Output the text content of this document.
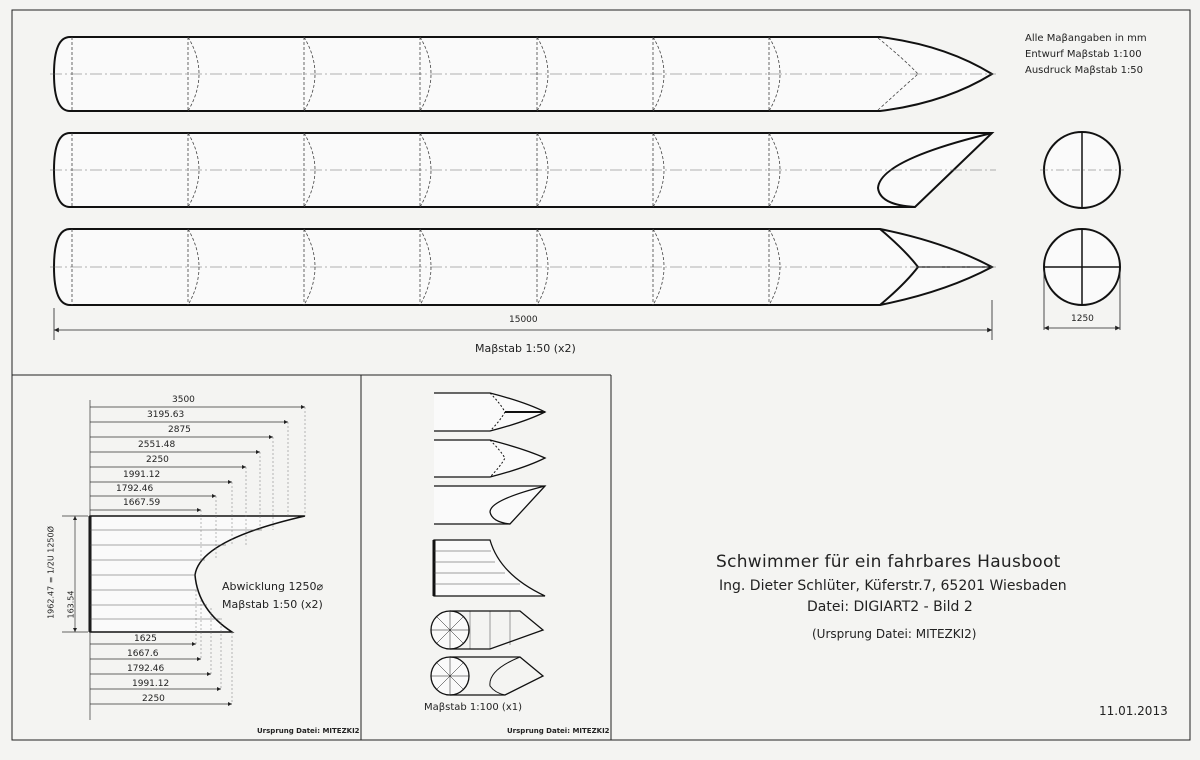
Alle Maβangaben in mm
Entwurf Maβstab 1:100
Ausdruck Maβstab 1:50
15000	1250
Maβstab 1:50 (x2)
3500
3195.63
2875
2551.48
2250
1991.12
1792.46
1667.59
1625
1667.6
1792.46
1991.12
2250
1962.47 = 1/2U 1250Ø 163.54
Abwicklung 1250⌀
Maβstab 1:50 (x2)
Ursprung Datei: MITEZKI2
Maβstab 1:100 (x1)
Ursprung Datei: MITEZKI2
Schwimmer für ein fahrbares Hausboot
Ing. Dieter Schlüter, Küferstr.7, 65201 Wiesbaden
Datei: DIGIART2 - Bild 2
(Ursprung Datei: MITEZKI2)
11.01.2013
